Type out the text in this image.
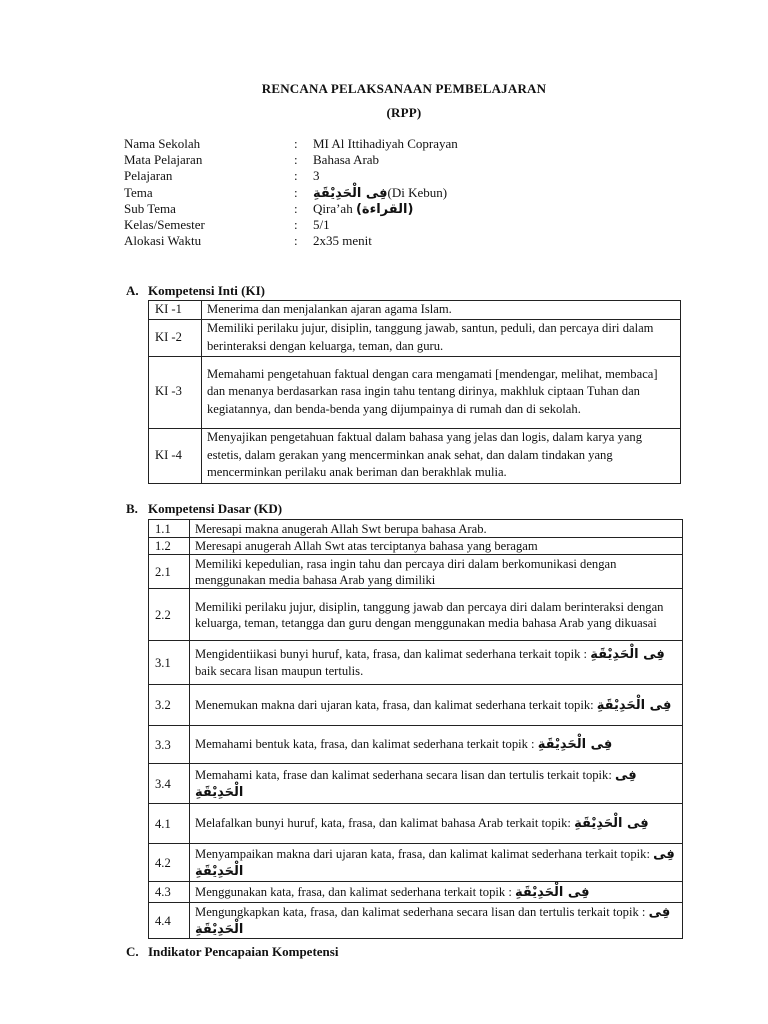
RENCANA PELAKSANAAN PEMBELAJARAN
(RPP)
Nama Sekolah	:	MI Al Ittihadiyah Coprayan
Mata Pelajaran	:	Bahasa Arab
Pelajaran	:	3
Tema	:	فِى الْحَدِيْقَةِ(Di Kebun)
Sub Tema	:	Qira’ah (القراءة)
Kelas/Semester	:	5/1
Alokasi Waktu	:	2x35 menit
A. Kompetensi Inti (KI)
KI -1	Menerima dan menjalankan ajaran agama Islam.
KI -2	Memiliki perilaku jujur, disiplin, tanggung jawab, santun, peduli, dan percaya diri dalam berinteraksi dengan keluarga, teman, dan guru.
KI -3	Memahami pengetahuan faktual dengan cara mengamati [mendengar, melihat, membaca] dan menanya berdasarkan rasa ingin tahu tentang dirinya, makhluk ciptaan Tuhan dan kegiatannya, dan benda-benda yang dijumpainya di rumah dan di sekolah.
KI -4	Menyajikan pengetahuan faktual dalam bahasa yang jelas dan logis, dalam karya yang estetis, dalam gerakan yang mencerminkan anak sehat, dan dalam tindakan yang mencerminkan perilaku anak beriman dan berakhlak mulia.
B. Kompetensi Dasar (KD)
1.1	Meresapi makna anugerah Allah Swt berupa bahasa Arab.
1.2	Meresapi anugerah Allah Swt atas terciptanya bahasa yang beragam
2.1	Memiliki kepedulian, rasa ingin tahu dan percaya diri dalam berkomunikasi dengan menggunakan media bahasa Arab yang dimiliki
2.2	Memiliki perilaku jujur, disiplin, tanggung jawab dan percaya diri dalam berinteraksi dengan keluarga, teman, tetangga dan guru dengan menggunakan media bahasa Arab yang dikuasai
3.1	Mengidentiikasi bunyi huruf, kata, frasa, dan kalimat sederhana terkait topik : فِى الْحَدِيْقَةِ baik secara lisan maupun tertulis.
3.2	Menemukan makna dari ujaran kata, frasa, dan kalimat sederhana terkait topik: فِى الْحَدِيْقَةِ
3.3	Memahami bentuk kata, frasa, dan kalimat sederhana terkait topik : فِى الْحَدِيْقَةِ
3.4	Memahami kata, frase dan kalimat sederhana secara lisan dan tertulis terkait topik: فِى الْحَدِيْقَةِ
4.1	Melafalkan bunyi huruf, kata, frasa, dan kalimat bahasa Arab terkait topik: فِى الْحَدِيْقَةِ
4.2	Menyampaikan makna dari ujaran kata, frasa, dan kalimat kalimat sederhana terkait topik: فِى الْحَدِيْقَةِ
4.3	Menggunakan kata, frasa, dan kalimat sederhana terkait topik : فِى الْحَدِيْقَةِ
4.4	Mengungkapkan kata, frasa, dan kalimat sederhana secara lisan dan tertulis terkait topik : فِى الْحَدِيْقَةِ
C. Indikator Pencapaian Kompetensi
